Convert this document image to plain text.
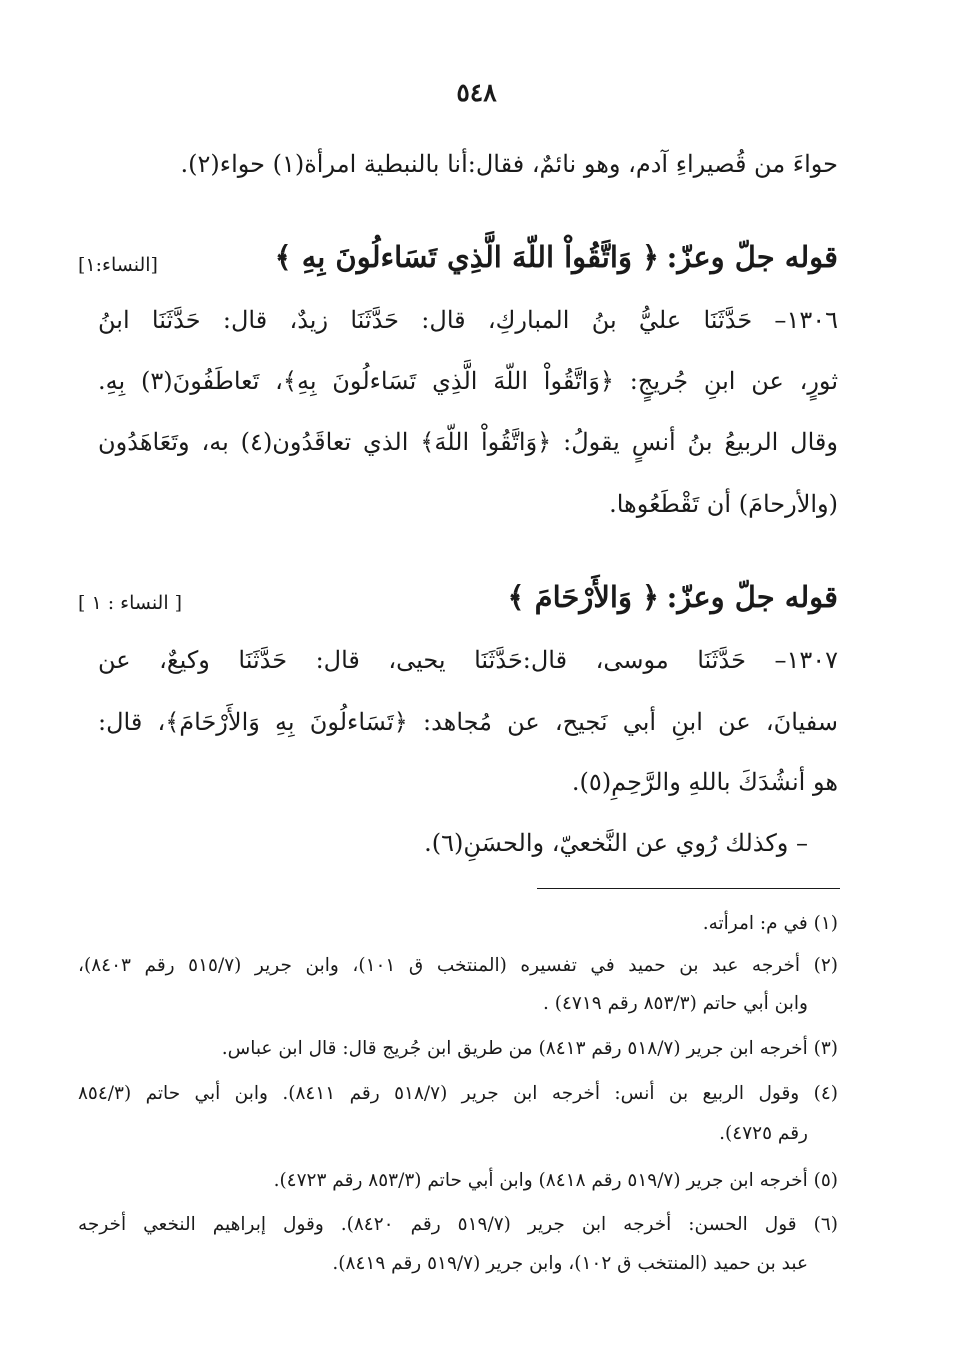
٥٤٨
حواءَ من قُصيراءِ آدم، وهو نائمٌ، فقال:أنا بالنبطية امرأة(١) حواء(٢).
قوله جلّ وعزّ: ﴿ وَاتَّقُواْ اللّهَ الَّذِي تَسَاءلُونَ بِهِ ﴾
[النساء:١]
١٣٠٦– حَدَّثَنَا عليُّ بنُ المباركِ، قال: حَدَّثَنَا زيدٌ، قال: حَدَّثَنَا ابنُ
ثورٍ، عن ابنِ جُريجٍ: ﴿وَاتَّقُواْ اللّهَ الَّذِي تَسَاءلُونَ بِهِ﴾، تَعاطَفُونَ(٣) بِهِ.
وقال الربيعُ بنُ أنسٍ يقولُ: ﴿وَاتَّقُواْ اللّهَ﴾ الذي تعاقَدُون(٤) به، وتَعَاهَدُون
(والأرحامَ) أن تَقْطَعُوها.
قوله جلّ وعزّ: ﴿ وَالأَرْحَامَ ﴾
[ النساء : ١ ]
١٣٠٧– حَدَّثَنَا موسى، قال:حَدَّثَنَا يحيى، قال: حَدَّثَنَا وكيعٌ، عن
سفيانَ، عن ابنِ أبي نَجيح، عن مُجاهد: ﴿تَسَاءلُونَ بِهِ وَالأَرْحَامَ﴾، قال:
هو أنشُدَكَ باللهِ والرَّحِمِ(٥).
– وكذلك رُوي عن النَّخعيّ، والحسَنِ(٦).
(١) في م: امرأته.
(٢) أخرجه عبد بن حميد في تفسيره (المنتخب ق ١٠١)، وابن جرير (٥١٥/٧ رقم ٨٤٠٣)،
وابن أبي حاتم (٨٥٣/٣ رقم ٤٧١٩) .
(٣) أخرجه ابن جرير (٥١٨/٧ رقم ٨٤١٣) من طريق ابن جُريج قال: قال ابن عباس.
(٤) وقول الربيع بن أنس: أخرجه ابن جرير (٥١٨/٧ رقم ٨٤١١). وابن أبي حاتم (٨٥٤/٣
رقم ٤٧٢٥).
(٥) أخرجه ابن جرير (٥١٩/٧ رقم ٨٤١٨) وابن أبي حاتم (٨٥٣/٣ رقم ٤٧٢٣).
(٦) قول الحسن: أخرجه ابن جرير (٥١٩/٧ رقم ٨٤٢٠). وقول إبراهيم النخعي أخرجه
عبد بن حميد (المنتخب ق ١٠٢)، وابن جرير (٥١٩/٧ رقم ٨٤١٩).
